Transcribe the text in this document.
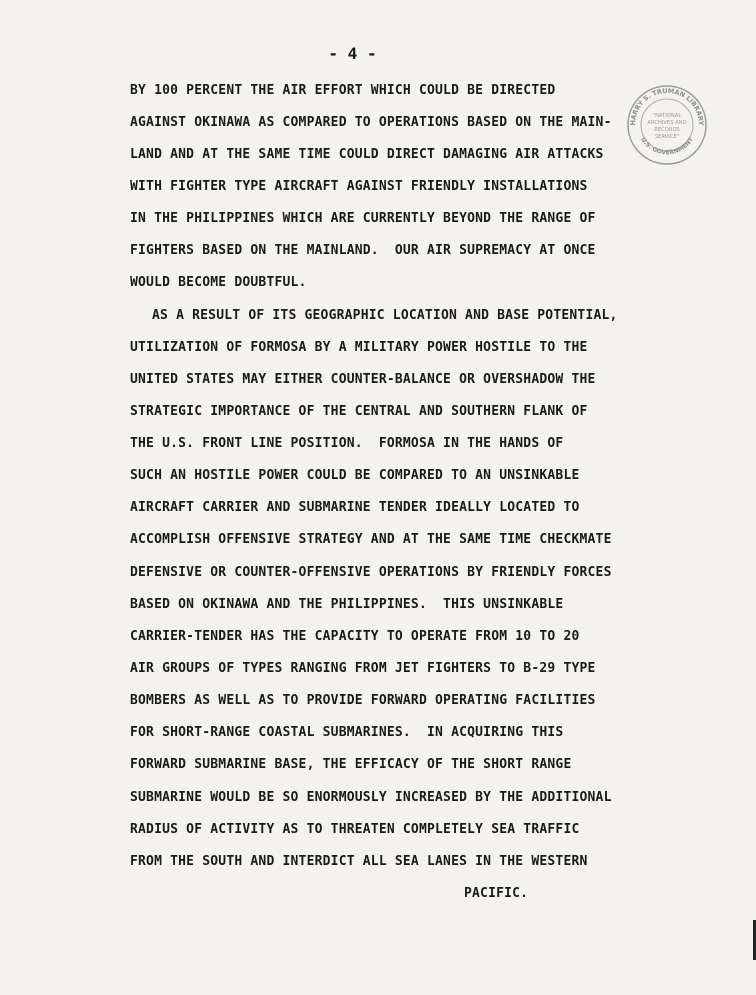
- 4 -
BY 100 PERCENT THE AIR EFFORT WHICH COULD BE DIRECTED
AGAINST OKINAWA AS COMPARED TO OPERATIONS BASED ON THE MAIN-
LAND AND AT THE SAME TIME COULD DIRECT DAMAGING AIR ATTACKS
WITH FIGHTER TYPE AIRCRAFT AGAINST FRIENDLY INSTALLATIONS
IN THE PHILIPPINES WHICH ARE CURRENTLY BEYOND THE RANGE OF
FIGHTERS BASED ON THE MAINLAND.  OUR AIR SUPREMACY AT ONCE
WOULD BECOME DOUBTFUL.
AS A RESULT OF ITS GEOGRAPHIC LOCATION AND BASE POTENTIAL,
UTILIZATION OF FORMOSA BY A MILITARY POWER HOSTILE TO THE
UNITED STATES MAY EITHER COUNTER-BALANCE OR OVERSHADOW THE
STRATEGIC IMPORTANCE OF THE CENTRAL AND SOUTHERN FLANK OF
THE U.S. FRONT LINE POSITION.  FORMOSA IN THE HANDS OF
SUCH AN HOSTILE POWER COULD BE COMPARED TO AN UNSINKABLE
AIRCRAFT CARRIER AND SUBMARINE TENDER IDEALLY LOCATED TO
ACCOMPLISH OFFENSIVE STRATEGY AND AT THE SAME TIME CHECKMATE
DEFENSIVE OR COUNTER-OFFENSIVE OPERATIONS BY FRIENDLY FORCES
BASED ON OKINAWA AND THE PHILIPPINES.  THIS UNSINKABLE
CARRIER-TENDER HAS THE CAPACITY TO OPERATE FROM 10 TO 20
AIR GROUPS OF TYPES RANGING FROM JET FIGHTERS TO B-29 TYPE
BOMBERS AS WELL AS TO PROVIDE FORWARD OPERATING FACILITIES
FOR SHORT-RANGE COASTAL SUBMARINES.  IN ACQUIRING THIS
FORWARD SUBMARINE BASE, THE EFFICACY OF THE SHORT RANGE
SUBMARINE WOULD BE SO ENORMOUSLY INCREASED BY THE ADDITIONAL
RADIUS OF ACTIVITY AS TO THREATEN COMPLETELY SEA TRAFFIC
FROM THE SOUTH AND INTERDICT ALL SEA LANES IN THE WESTERN
PACIFIC.
HARRY S. TRUMAN LIBRARY
U.S. GOVERNMENT
"NATIONAL
ARCHIVES AND
RECORDS
SERVICE"
